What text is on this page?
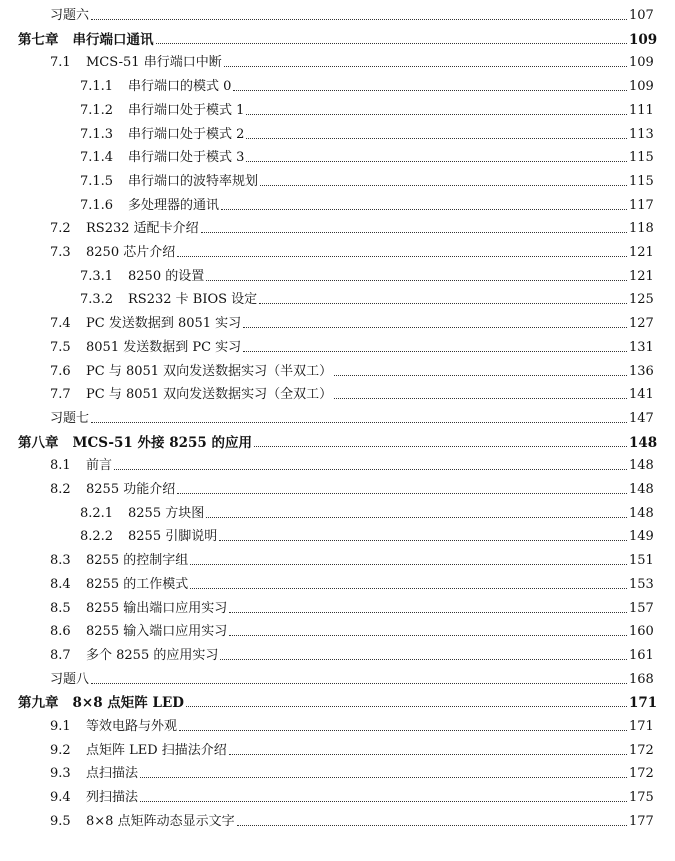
习题六	107
第七章 串行端口通讯	109
7.1	MCS-51 串行端口中断	109
7.1.1	串行端口的模式 0	109
7.1.2	串行端口处于模式 1	111
7.1.3	串行端口处于模式 2	113
7.1.4	串行端口处于模式 3	115
7.1.5	串行端口的波特率规划	115
7.1.6	多处理器的通讯	117
7.2	RS232 适配卡介绍	118
7.3	8250 芯片介绍	121
7.3.1	8250 的设置	121
7.3.2	RS232 卡 BIOS 设定	125
7.4	PC 发送数据到 8051 实习	127
7.5	8051 发送数据到 PC 实习	131
7.6	PC 与 8051 双向发送数据实习（半双工）	136
7.7	PC 与 8051 双向发送数据实习（全双工）	141
习题七	147
第八章 MCS-51 外接 8255 的应用	148
8.1	前言	148
8.2	8255 功能介绍	148
8.2.1	8255 方块图	148
8.2.2	8255 引脚说明	149
8.3	8255 的控制字组	151
8.4	8255 的工作模式	153
8.5	8255 输出端口应用实习	157
8.6	8255 输入端口应用实习	160
8.7	多个 8255 的应用实习	161
习题八	168
第九章 8×8 点矩阵 LED	171
9.1	等效电路与外观	171
9.2	点矩阵 LED 扫描法介绍	172
9.3	点扫描法	172
9.4	列扫描法	175
9.5	8×8 点矩阵动态显示文字	177
